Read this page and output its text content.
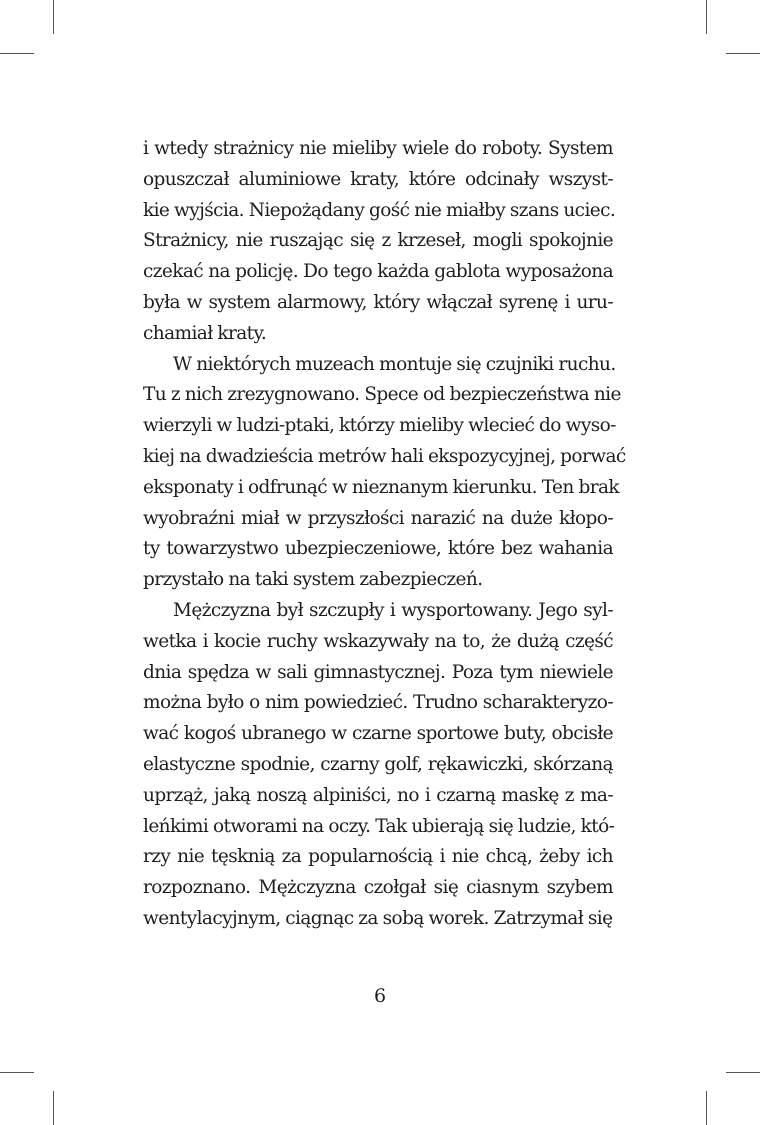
i wtedy strażnicy nie mieliby wiele do roboty. System
opuszczał aluminiowe kraty, które odcinały wszyst-
kie wyjścia. Niepożądany gość nie miałby szans uciec.
Strażnicy, nie ruszając się z krzeseł, mogli spokojnie
czekać na policję. Do tego każda gablota wyposażona
była w system alarmowy, który włączał syrenę i uru-
chamiał kraty.
W niektórych muzeach montuje się czujniki ruchu.
Tu z nich zrezygnowano. Spece od bezpieczeństwa nie
wierzyli w ludzi-ptaki, którzy mieliby wlecieć do wyso-
kiej na dwadzieścia metrów hali ekspozycyjnej, porwać
eksponaty i odfrunąć w nieznanym kierunku. Ten brak
wyobraźni miał w przyszłości narazić na duże kłopo-
ty towarzystwo ubezpieczeniowe, które bez wahania
przystało na taki system zabezpieczeń.
Mężczyzna był szczupły i wysportowany. Jego syl-
wetka i kocie ruchy wskazywały na to, że dużą część
dnia spędza w sali gimnastycznej. Poza tym niewiele
można było o nim powiedzieć. Trudno scharakteryzo-
wać kogoś ubranego w czarne sportowe buty, obcisłe
elastyczne spodnie, czarny golf, rękawiczki, skórzaną
uprząż, jaką noszą alpiniści, no i czarną maskę z ma-
leńkimi otworami na oczy. Tak ubierają się ludzie, któ-
rzy nie tęsknią za popularnością i nie chcą, żeby ich
rozpoznano. Mężczyzna czołgał się ciasnym szybem
wentylacyjnym, ciągnąc za sobą worek. Zatrzymał się
6
